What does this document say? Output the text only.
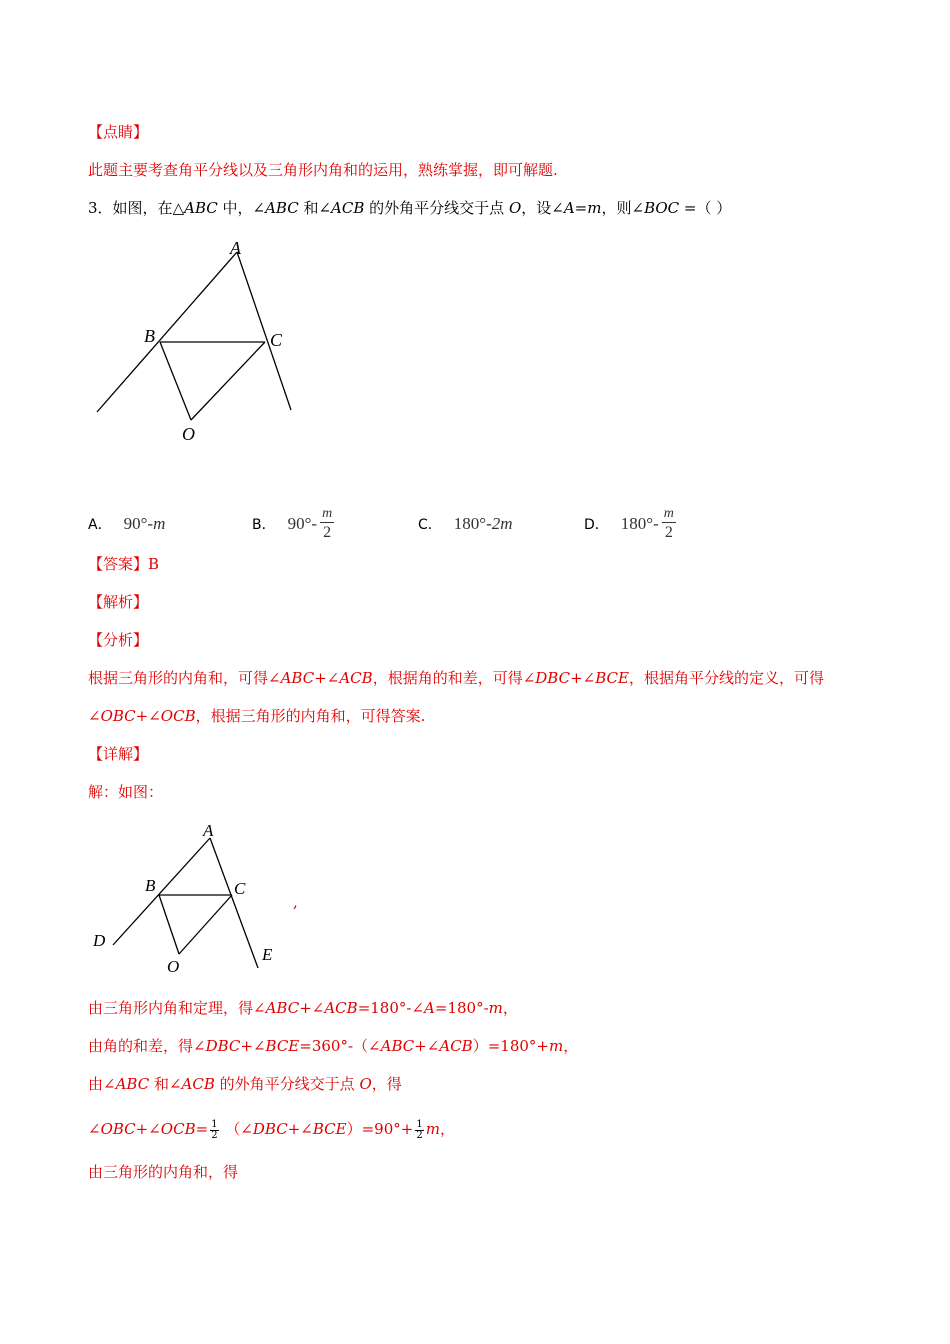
【点睛】
此题主要考查角平分线以及三角形内角和的运用，熟练掌握，即可解题.
3．如图，在△ABC 中，∠ABC 和∠ACB 的外角平分线交于点 O，设∠A=m，则∠BOC =（ ）
A
B	C
O
A． 90° - m	B． $90^\circ - \frac{m}{2}$	C． 180° - 2m	D． $180^\circ - \frac{m}{2}$
【答案】B
【解析】
【分析】
根据三角形的内角和，可得∠ABC+∠ACB，根据角的和差，可得∠DBC+∠BCE，根据角平分线的定义，可得
∠OBC+∠OCB，根据三角形的内角和，可得答案.
【详解】
解：如图：
A
B	C
D
E
O
,
由三角形内角和定理，得∠ABC+∠ACB=180°-∠A=180°-m，
由角的和差，得∠DBC+∠BCE=360°-（∠ABC+∠ACB）=180°+m，
由∠ABC 和∠ACB 的外角平分线交于点 O，得
∠OBC+∠OCB= $\frac{1}{2}$ （∠DBC+∠BCE）=90°+ $\frac{1}{2}$ m，
由三角形的内角和，得
